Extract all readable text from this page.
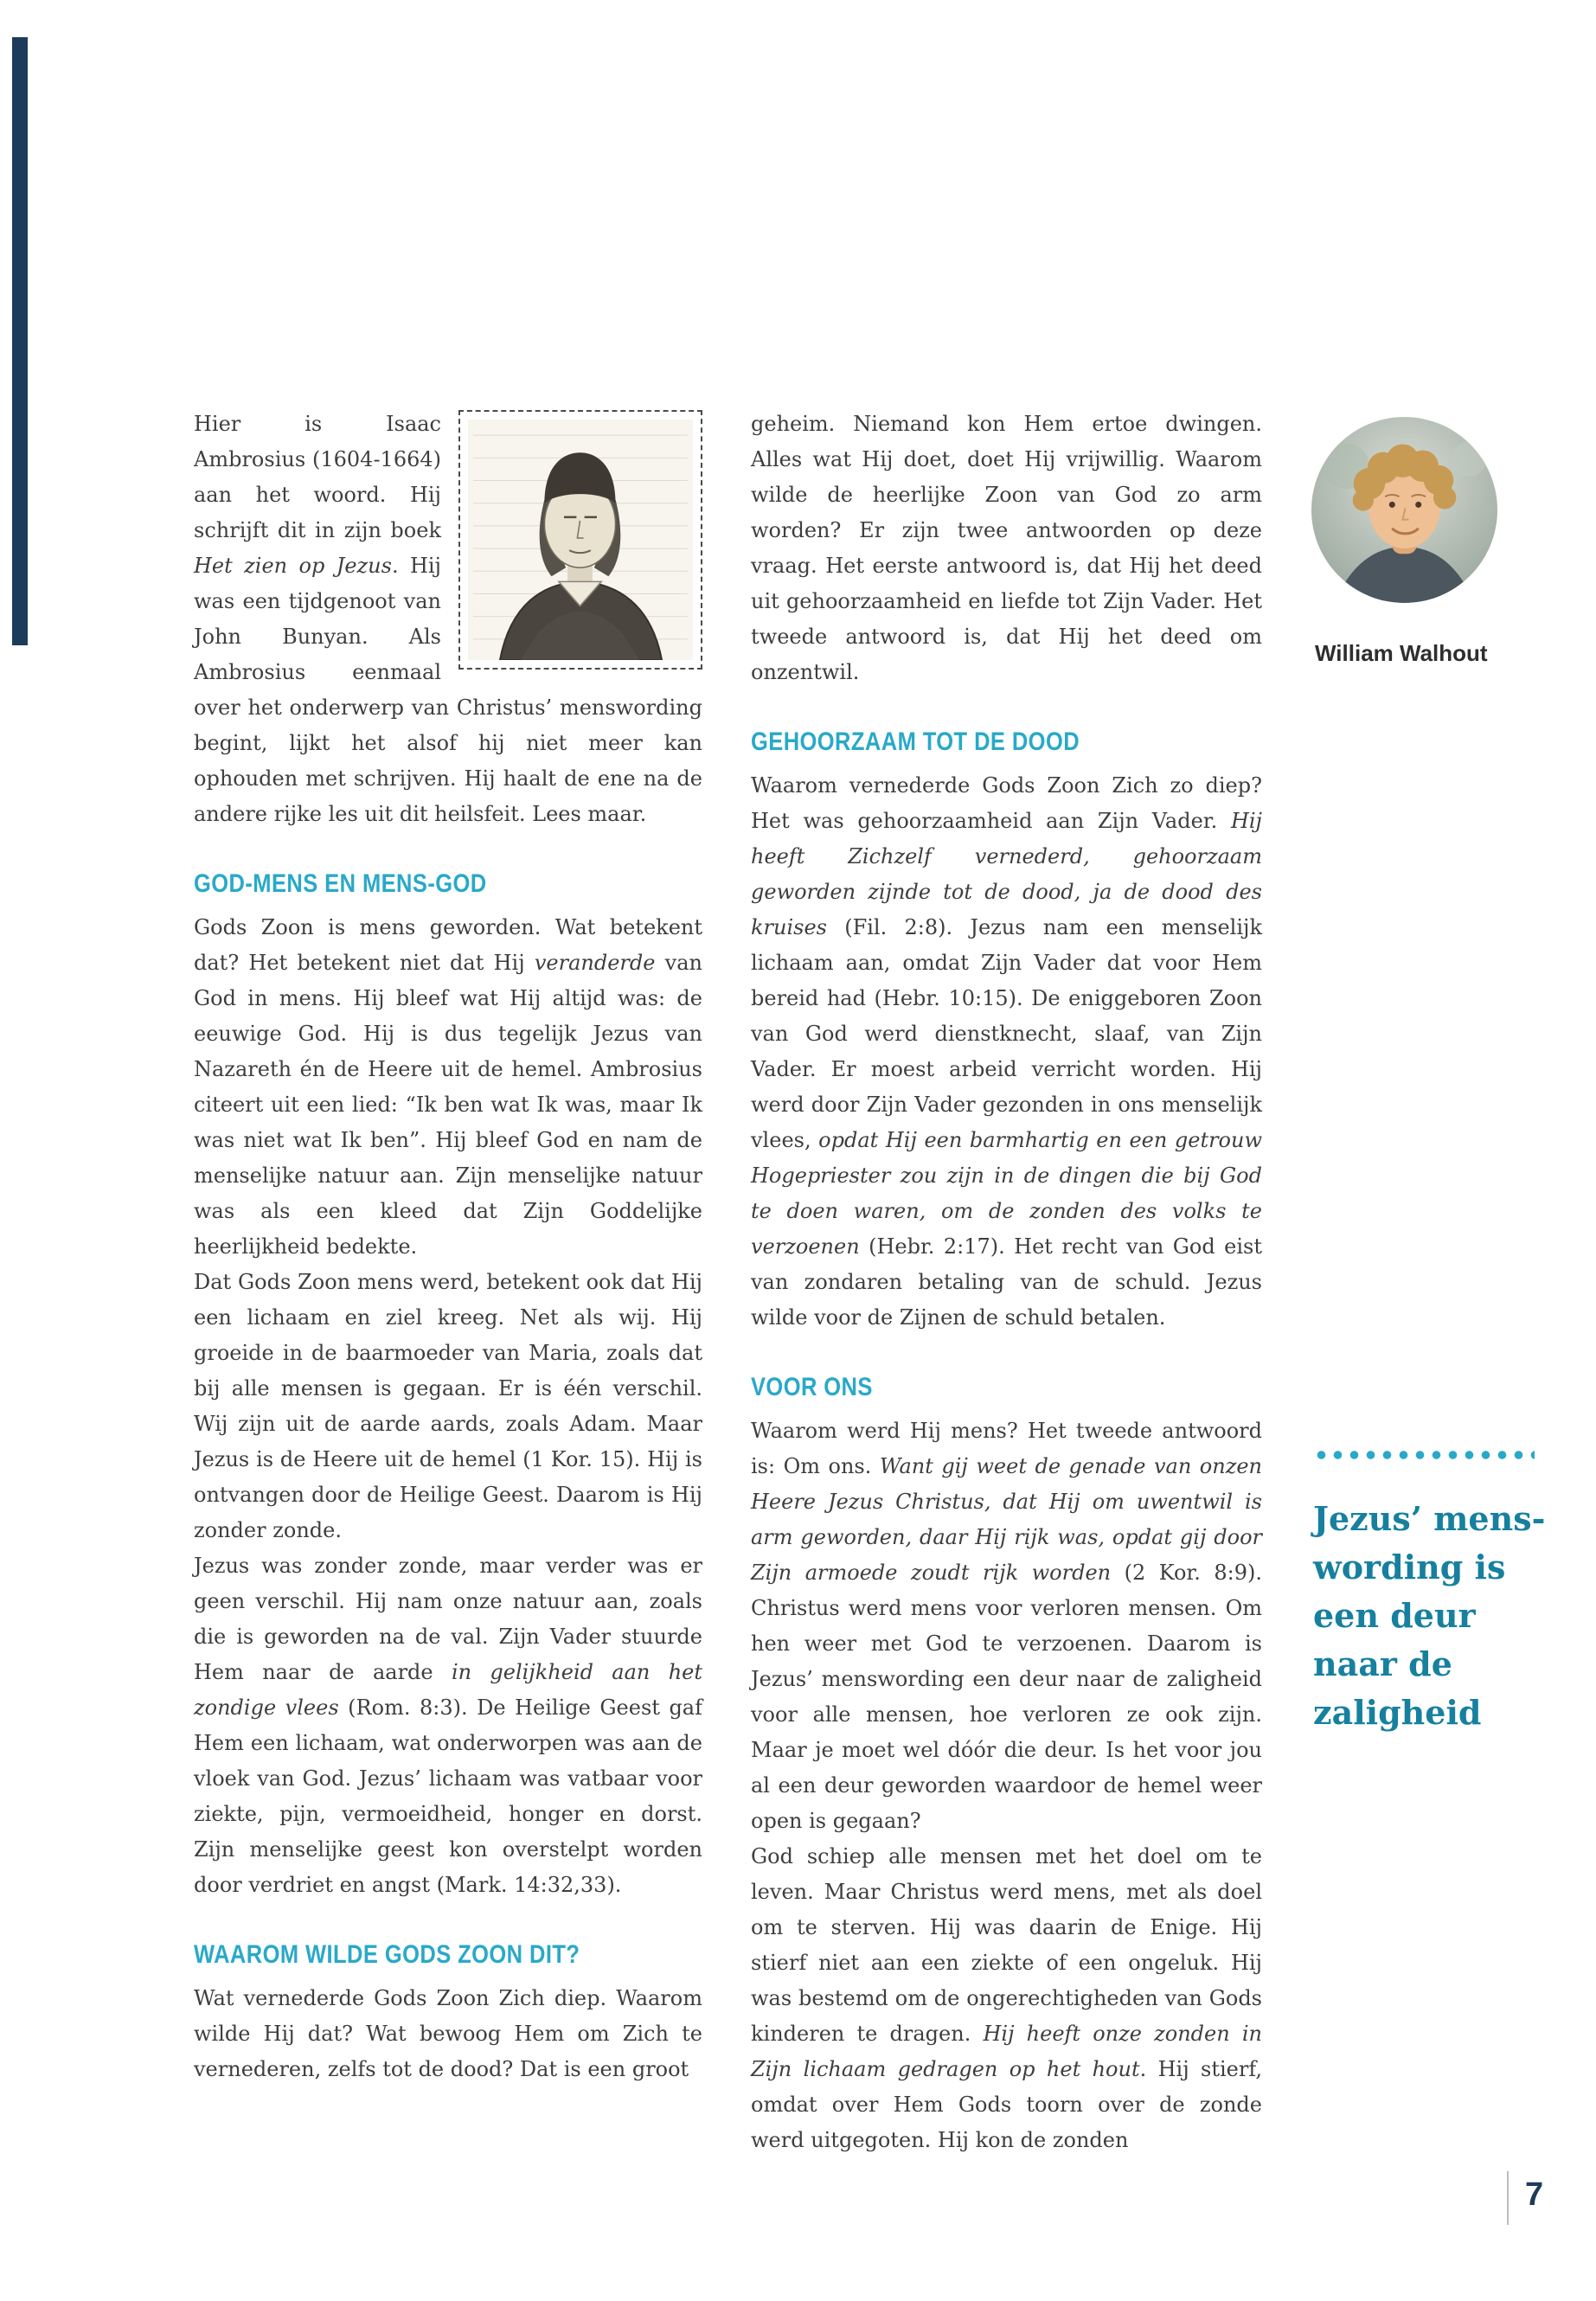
Hier is Isaac Ambrosius (1604-1664) aan het woord. Hij schrijft dit in zijn boek Het zien op Jezus. Hij was een tijdgenoot van John Bunyan. Als Ambrosius eenmaal over het onderwerp van Christus’ menswording begint, lijkt het alsof hij niet meer kan ophouden met schrijven. Hij haalt de ene na de andere rijke les uit dit heilsfeit. Lees maar.

GOD-MENS EN MENS-GOD

Gods Zoon is mens geworden. Wat betekent dat? Het betekent niet dat Hij veranderde van God in mens. Hij bleef wat Hij altijd was: de eeuwige God. Hij is dus tegelijk Jezus van Nazareth én de Heere uit de hemel. Ambrosius citeert uit een lied: “Ik ben wat Ik was, maar Ik was niet wat Ik ben”. Hij bleef God en nam de menselijke natuur aan. Zijn menselijke natuur was als een kleed dat Zijn Goddelijke heerlijkheid bedekte.

Dat Gods Zoon mens werd, betekent ook dat Hij een lichaam en ziel kreeg. Net als wij. Hij groeide in de baarmoeder van Maria, zoals dat bij alle mensen is gegaan. Er is één verschil. Wij zijn uit de aarde aards, zoals Adam. Maar Jezus is de Heere uit de hemel (1 Kor. 15). Hij is ontvangen door de Heilige Geest. Daarom is Hij zonder zonde.

Jezus was zonder zonde, maar verder was er geen verschil. Hij nam onze natuur aan, zoals die is geworden na de val. Zijn Vader stuurde Hem naar de aarde in gelijkheid aan het zondige vlees (Rom. 8:3). De Heilige Geest gaf Hem een lichaam, wat onderworpen was aan de vloek van God. Jezus’ lichaam was vatbaar voor ziekte, pijn, vermoeidheid, honger en dorst. Zijn menselijke geest kon overstelpt worden door verdriet en angst (Mark. 14:32,33).

WAAROM WILDE GODS ZOON DIT?

Wat vernederde Gods Zoon Zich diep. Waarom wilde Hij dat? Wat bewoog Hem om Zich te vernederen, zelfs tot de dood? Dat is een groot

geheim. Niemand kon Hem ertoe dwingen. Alles wat Hij doet, doet Hij vrijwillig. Waarom wilde de heerlijke Zoon van God zo arm worden? Er zijn twee antwoorden op deze vraag. Het eerste antwoord is, dat Hij het deed uit gehoorzaamheid en liefde tot Zijn Vader. Het tweede antwoord is, dat Hij het deed om onzentwil.

GEHOORZAAM TOT DE DOOD

Waarom vernederde Gods Zoon Zich zo diep? Het was gehoorzaamheid aan Zijn Vader. Hij heeft Zichzelf vernederd, gehoorzaam geworden zijnde tot de dood, ja de dood des kruises (Fil. 2:8). Jezus nam een menselijk lichaam aan, omdat Zijn Vader dat voor Hem bereid had (Hebr. 10:15). De eniggeboren Zoon van God werd dienstknecht, slaaf, van Zijn Vader. Er moest arbeid verricht worden. Hij werd door Zijn Vader gezonden in ons menselijk vlees, opdat Hij een barmhartig en een getrouw Hogepriester zou zijn in de dingen die bij God te doen waren, om de zonden des volks te verzoenen (Hebr. 2:17). Het recht van God eist van zondaren betaling van de schuld. Jezus wilde voor de Zijnen de schuld betalen.

VOOR ONS

Waarom werd Hij mens? Het tweede antwoord is: Om ons. Want gij weet de genade van onzen Heere Jezus Christus, dat Hij om uwentwil is arm geworden, daar Hij rijk was, opdat gij door Zijn armoede zoudt rijk worden (2 Kor. 8:9). Christus werd mens voor verloren mensen. Om hen weer met God te verzoenen. Daarom is Jezus’ menswording een deur naar de zaligheid voor alle mensen, hoe verloren ze ook zijn. Maar je moet wel dóór die deur. Is het voor jou al een deur geworden waardoor de hemel weer open is gegaan?

God schiep alle mensen met het doel om te leven. Maar Christus werd mens, met als doel om te sterven. Hij was daarin de Enige. Hij stierf niet aan een ziekte of een ongeluk. Hij was bestemd om de ongerechtigheden van Gods kinderen te dragen. Hij heeft onze zonden in Zijn lichaam gedragen op het hout. Hij stierf, omdat over Hem Gods toorn over de zonde werd uitgegoten. Hij kon de zonden

William Walhout
Jezus’ mens-
wording is
een deur
naar de
zaligheid
7
